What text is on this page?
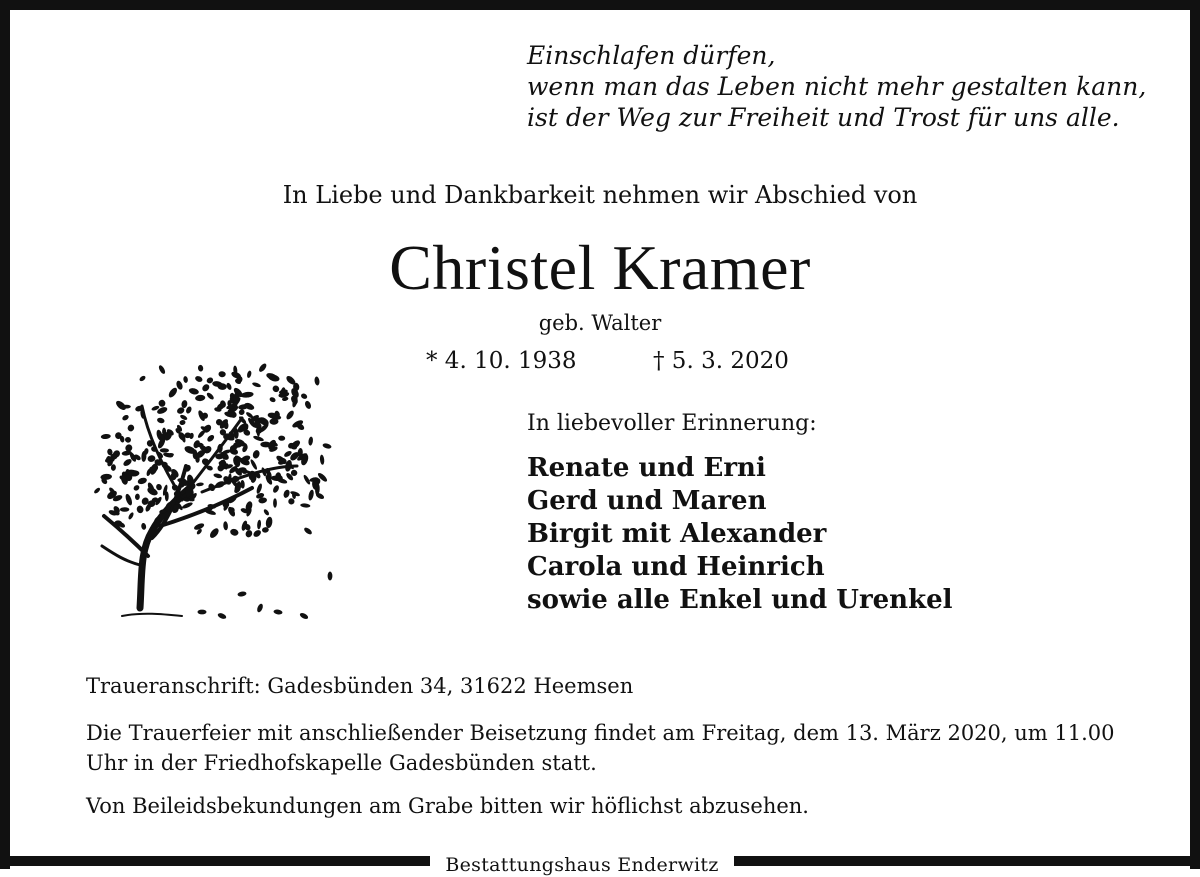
Einschlafen dürfen,
wenn man das Leben nicht mehr gestalten kann,
ist der Weg zur Freiheit und Trost für uns alle.
In Liebe und Dankbarkeit nehmen wir Abschied von
Christel Kramer
geb. Walter
* 4. 10. 1938	† 5. 3. 2020
In liebevoller Erinnerung:
Renate und Erni
Gerd und Maren
Birgit mit Alexander
Carola und Heinrich
sowie alle Enkel und Urenkel
Traueranschrift: Gadesbünden 34, 31622 Heemsen
Die Trauerfeier mit anschließender Beisetzung findet am Freitag, dem 13. März 2020, um 11.00 Uhr in der Friedhofskapelle Gadesbünden statt.
Von Beileidsbekundungen am Grabe bitten wir höflichst abzusehen.
Bestattungshaus Enderwitz
